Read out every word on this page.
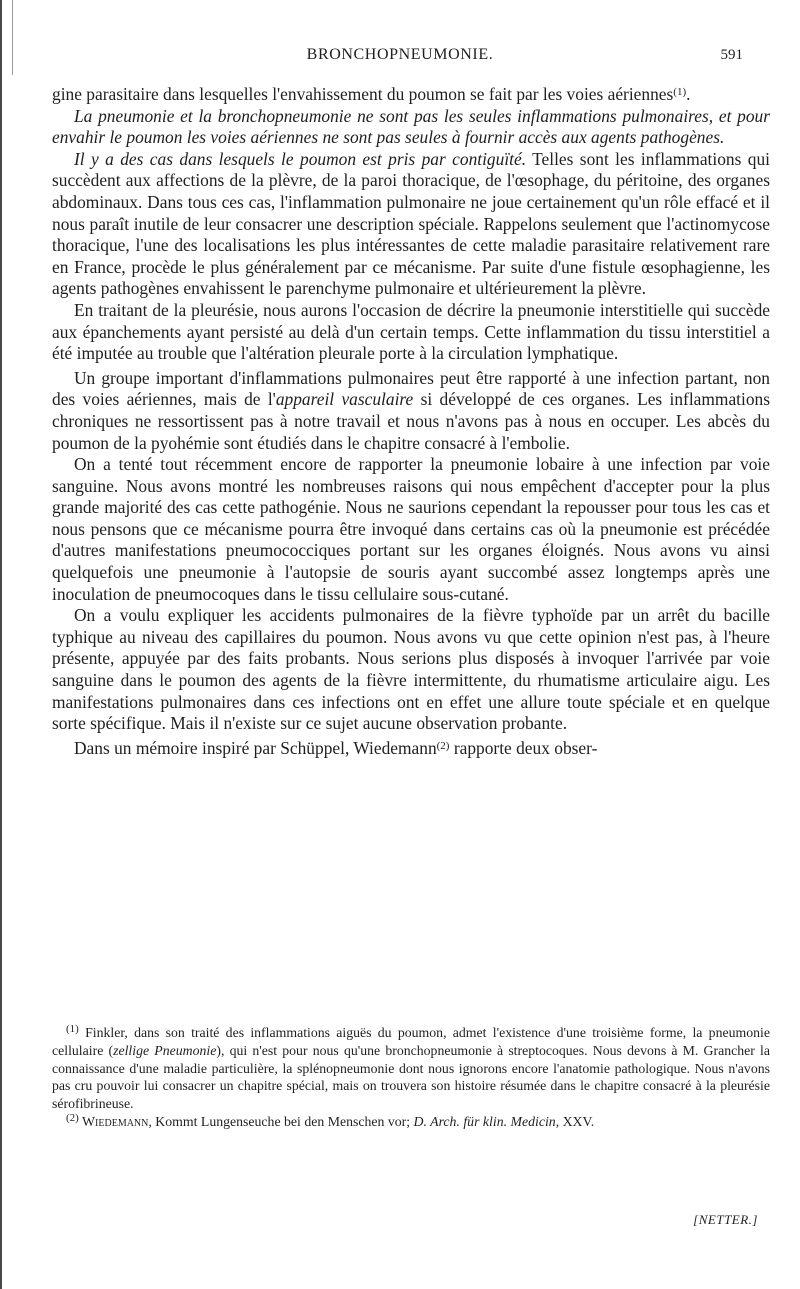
BRONCHOPNEUMONIE.	591

gine parasitaire dans lesquelles l'envahissement du poumon se fait par les voies aériennes$^{(1)}$.

La pneumonie et la bronchopneumonie ne sont pas les seules inflammations pulmonaires, et pour envahir le poumon les voies aériennes ne sont pas seules à fournir accès aux agents pathogènes.

Il y a des cas dans lesquels le poumon est pris par contiguïté. Telles sont les inflammations qui succèdent aux affections de la plèvre, de la paroi thoracique, de l'œsophage, du péritoine, des organes abdominaux. Dans tous ces cas, l'inflammation pulmonaire ne joue certainement qu'un rôle effacé et il nous paraît inutile de leur consacrer une description spéciale. Rappelons seulement que l'actinomycose thoracique, l'une des localisations les plus intéressantes de cette maladie parasitaire relativement rare en France, procède le plus généralement par ce mécanisme. Par suite d'une fistule œsophagienne, les agents pathogènes envahissent le parenchyme pulmonaire et ultérieurement la plèvre.

En traitant de la pleurésie, nous aurons l'occasion de décrire la pneumonie interstitielle qui succède aux épanchements ayant persisté au delà d'un certain temps. Cette inflammation du tissu interstitiel a été imputée au trouble que l'altération pleurale porte à la circulation lymphatique.

Un groupe important d'inflammations pulmonaires peut être rapporté à une infection partant, non des voies aériennes, mais de l'appareil vasculaire si développé de ces organes. Les inflammations chroniques ne ressortissent pas à notre travail et nous n'avons pas à nous en occuper. Les abcès du poumon de la pyohémie sont étudiés dans le chapitre consacré à l'embolie.

On a tenté tout récemment encore de rapporter la pneumonie lobaire à une infection par voie sanguine. Nous avons montré les nombreuses raisons qui nous empêchent d'accepter pour la plus grande majorité des cas cette pathogénie. Nous ne saurions cependant la repousser pour tous les cas et nous pensons que ce mécanisme pourra être invoqué dans certains cas où la pneumonie est précédée d'autres manifestations pneumococciques portant sur les organes éloignés. Nous avons vu ainsi quelquefois une pneumonie à l'autopsie de souris ayant succombé assez longtemps après une inoculation de pneumocoques dans le tissu cellulaire sous-cutané.

On a voulu expliquer les accidents pulmonaires de la fièvre typhoïde par un arrêt du bacille typhique au niveau des capillaires du poumon. Nous avons vu que cette opinion n'est pas, à l'heure présente, appuyée par des faits probants. Nous serions plus disposés à invoquer l'arrivée par voie sanguine dans le poumon des agents de la fièvre intermittente, du rhumatisme articulaire aigu. Les manifestations pulmonaires dans ces infections ont en effet une allure toute spéciale et en quelque sorte spécifique. Mais il n'existe sur ce sujet aucune observation probante.

Dans un mémoire inspiré par Schüppel, Wiedemann$^{(2)}$ rapporte deux obser-

$^{(1)}$ Finkler, dans son traité des inflammations aiguës du poumon, admet l'existence d'une troisième forme, la pneumonie cellulaire (zellige Pneumonie), qui n'est pour nous qu'une bronchopneumonie à streptocoques. Nous devons à M. Grancher la connaissance d'une maladie particulière, la splénopneumonie dont nous ignorons encore l'anatomie pathologique. Nous n'avons pas cru pouvoir lui consacrer un chapitre spécial, mais on trouvera son histoire résumée dans le chapitre consacré à la pleurésie sérofibrineuse.

$^{(2)}$ Wiedemann, Kommt Lungenseuche bei den Menschen vor; D. Arch. für klin. Medicin, XXV.

[NETTER.]
